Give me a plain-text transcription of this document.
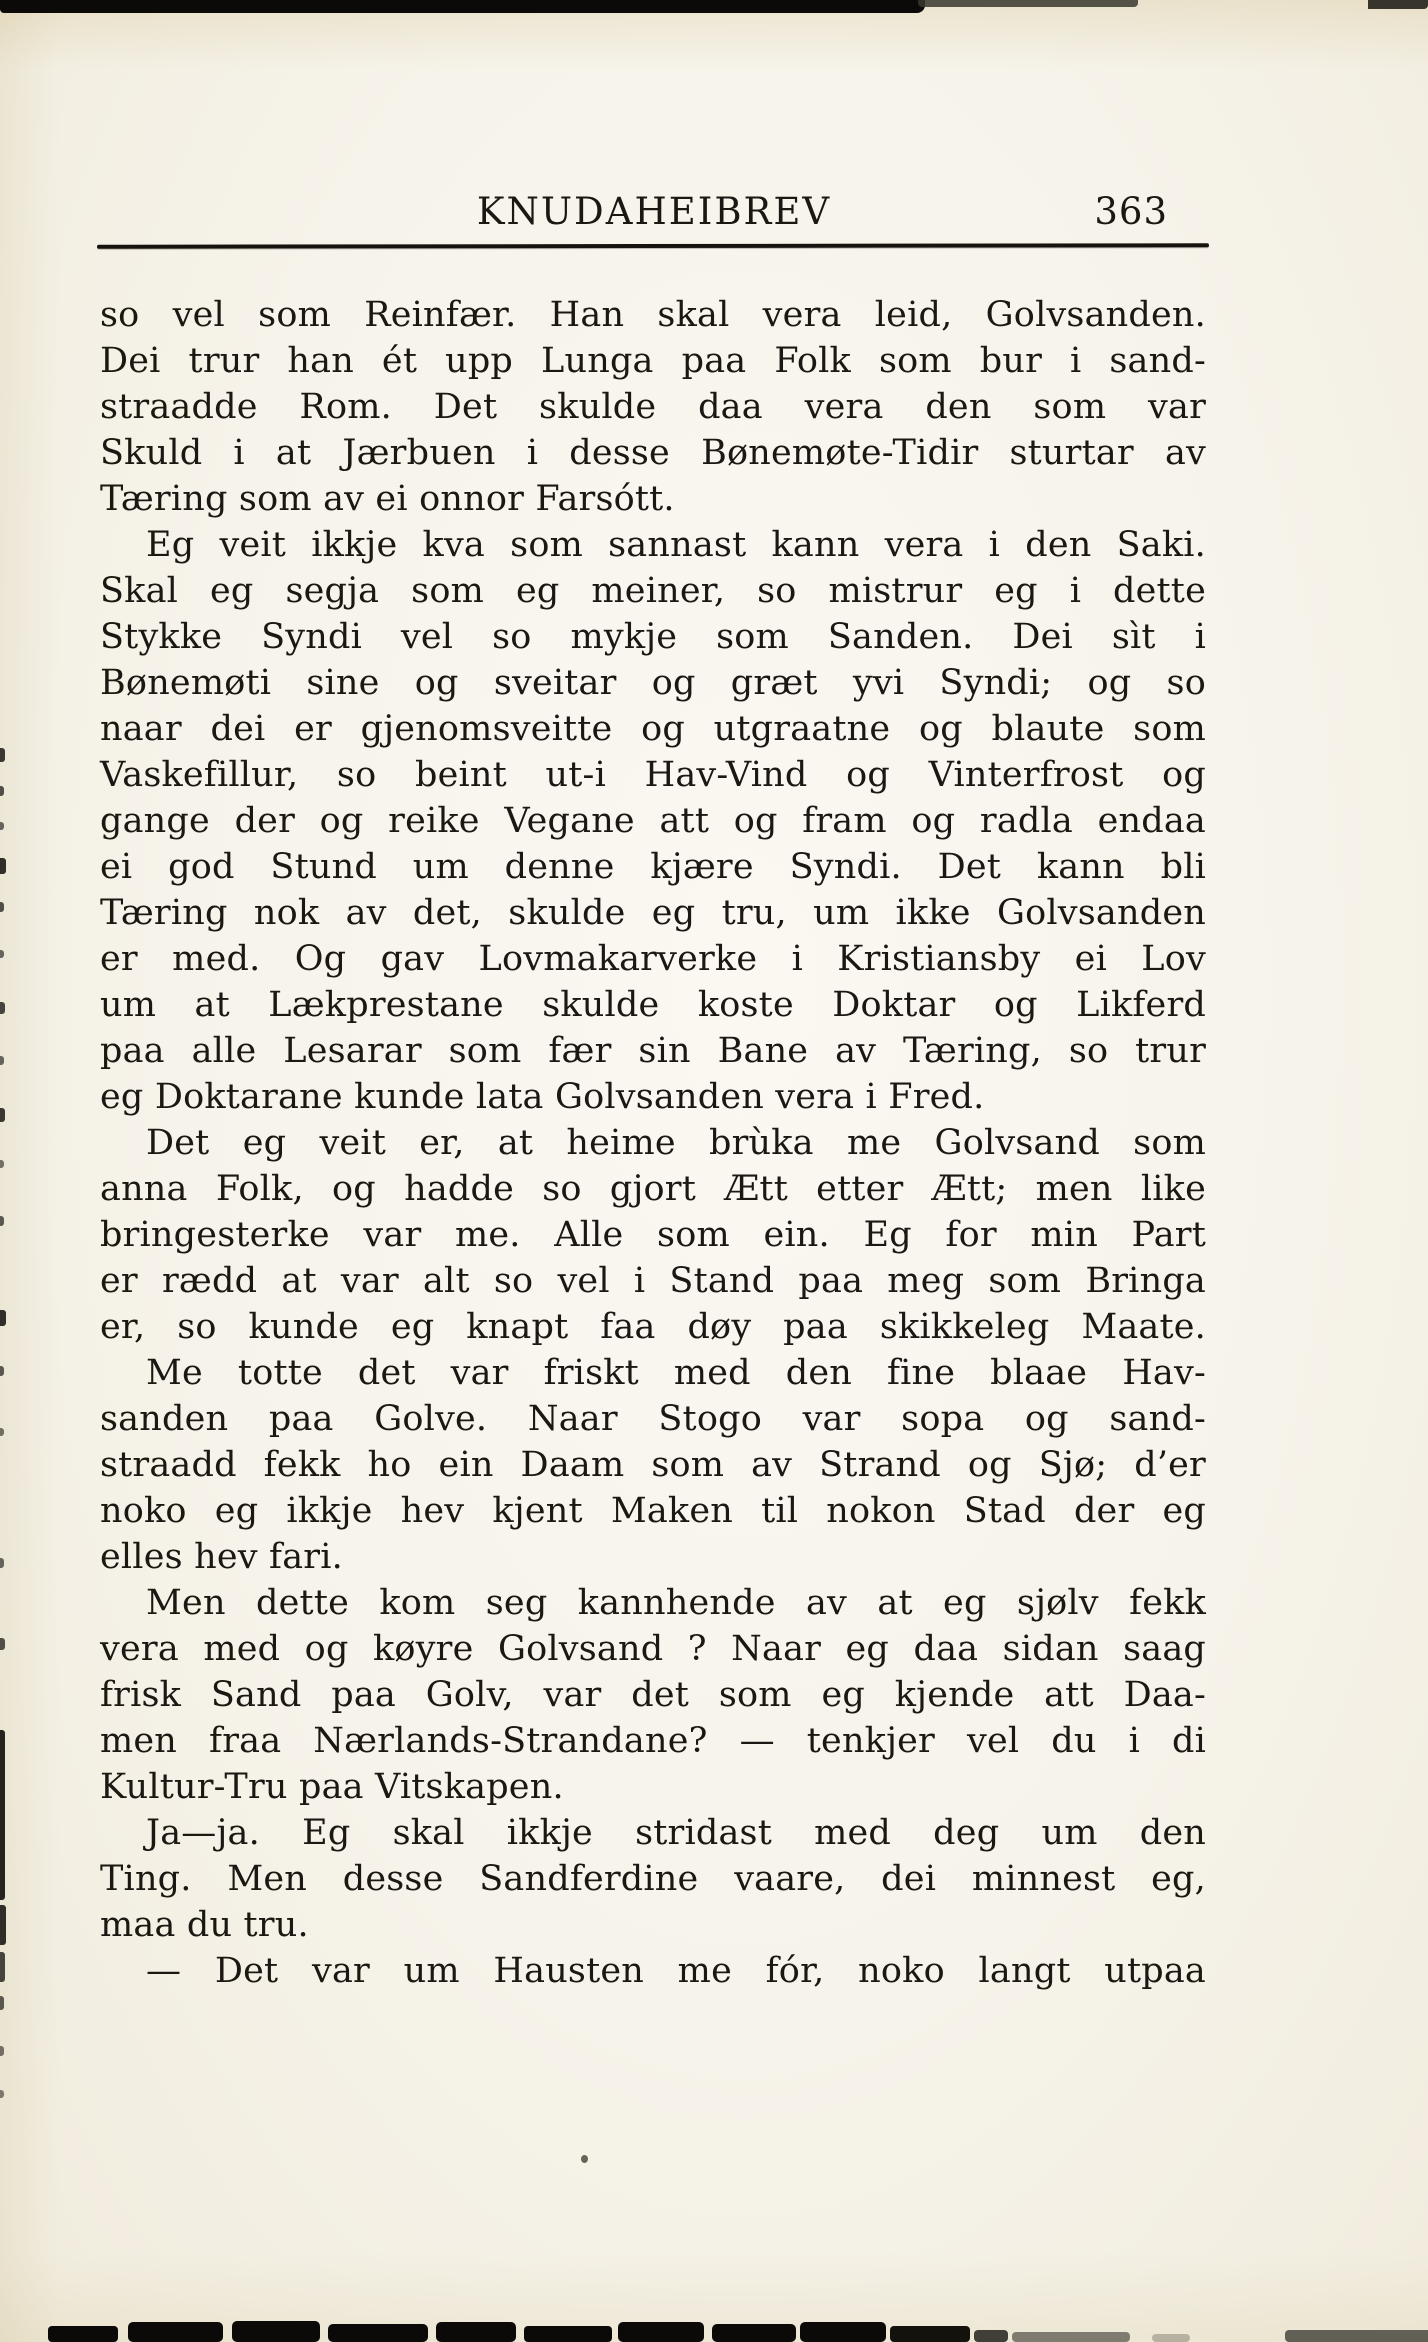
KNUDAHEIBREV	363
so vel som Reinfær. Han skal vera leid, Golvsanden.
Dei trur han ét upp Lunga paa Folk som bur i sand-
straadde Rom. Det skulde daa vera den som var
Skuld i at Jærbuen i desse Bønemøte-Tidir sturtar av
Tæring som av ei onnor Farsótt.
Eg veit ikkje kva som sannast kann vera i den Saki.
Skal eg segja som eg meiner, so mistrur eg i dette
Stykke Syndi vel so mykje som Sanden. Dei sìt i
Bønemøti sine og sveitar og græt yvi Syndi; og so
naar dei er gjenomsveitte og utgraatne og blaute som
Vaskefillur, so beint ut-i Hav-Vind og Vinterfrost og
gange der og reike Vegane att og fram og radla endaa
ei god Stund um denne kjære Syndi. Det kann bli
Tæring nok av det, skulde eg tru, um ikke Golvsanden
er med. Og gav Lovmakarverke i Kristiansby ei Lov
um at Lækprestane skulde koste Doktar og Likferd
paa alle Lesarar som fær sin Bane av Tæring, so trur
eg Doktarane kunde lata Golvsanden vera i Fred.
Det eg veit er, at heime brùka me Golvsand som
anna Folk, og hadde so gjort Ætt etter Ætt; men like
bringesterke var me. Alle som ein. Eg for min Part
er rædd at var alt so vel i Stand paa meg som Bringa
er, so kunde eg knapt faa døy paa skikkeleg Maate.
Me totte det var friskt med den fine blaae Hav-
sanden paa Golve. Naar Stogo var sopa og sand-
straadd fekk ho ein Daam som av Strand og Sjø; d’er
noko eg ikkje hev kjent Maken til nokon Stad der eg
elles hev fari.
Men dette kom seg kannhende av at eg sjølv fekk
vera med og køyre Golvsand ? Naar eg daa sidan saag
frisk Sand paa Golv, var det som eg kjende att Daa-
men fraa Nærlands-Strandane? — tenkjer vel du i di
Kultur-Tru paa Vitskapen.
Ja—ja. Eg skal ikkje stridast med deg um den
Ting. Men desse Sandferdine vaare, dei minnest eg,
maa du tru.
— Det var um Hausten me fór, noko langt utpaa
